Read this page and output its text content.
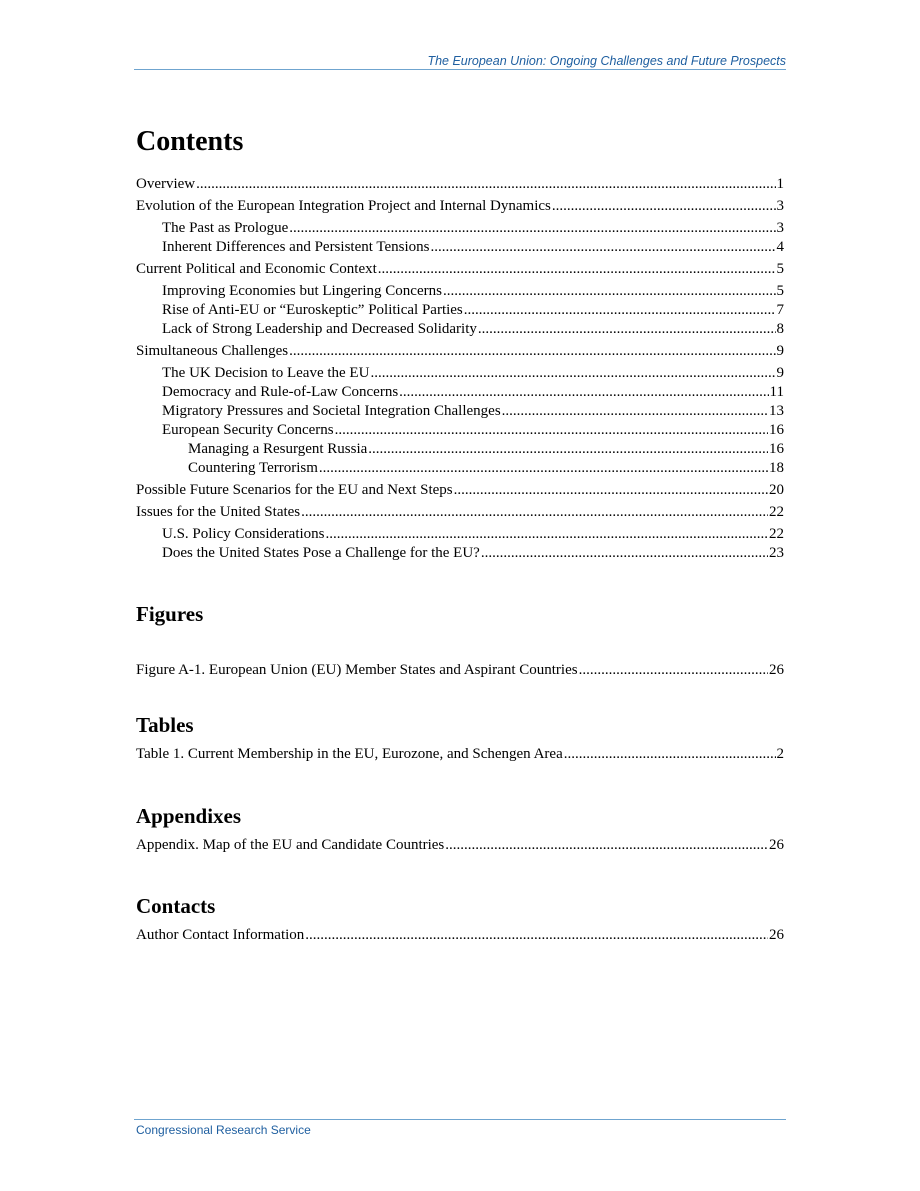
The European Union: Ongoing Challenges and Future Prospects
Contents
Overview .....	1
Evolution of the European Integration Project and Internal Dynamics .....	3
The Past as Prologue .....	3
Inherent Differences and Persistent Tensions .....	4
Current Political and Economic Context .....	5
Improving Economies but Lingering Concerns .....	5
Rise of Anti-EU or “Euroskeptic” Political Parties .....	7
Lack of Strong Leadership and Decreased Solidarity .....	8
Simultaneous Challenges .....	9
The UK Decision to Leave the EU .....	9
Democracy and Rule-of-Law Concerns .....	11
Migratory Pressures and Societal Integration Challenges .....	13
European Security Concerns .....	16
Managing a Resurgent Russia .....	16
Countering Terrorism .....	18
Possible Future Scenarios for the EU and Next Steps .....	20
Issues for the United States .....	22
U.S. Policy Considerations .....	22
Does the United States Pose a Challenge for the EU? .....	23
Figures
Figure A-1. European Union (EU) Member States and Aspirant Countries .....	26
Tables
Table 1. Current Membership in the EU, Eurozone, and Schengen Area .....	2
Appendixes
Appendix. Map of the EU and Candidate Countries .....	26
Contacts
Author Contact Information .....	26
Congressional Research Service
